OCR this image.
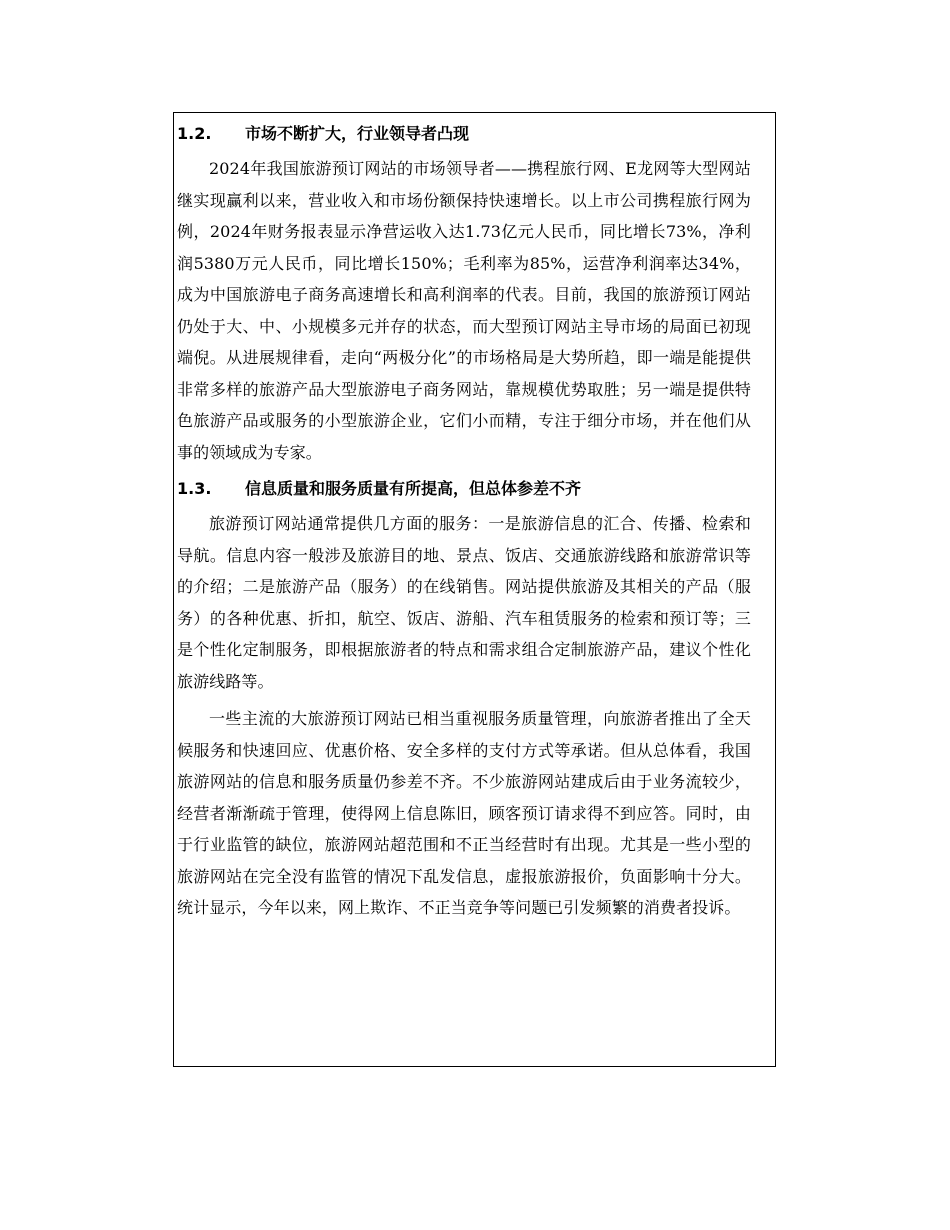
1.2.	市场不断扩大，行业领导者凸现

2024年我国旅游预订网站的市场领导者——携程旅行网、E龙网等大型网站继实现赢利以来，营业收入和市场份额保持快速增长。以上市公司携程旅行网为例，2024年财务报表显示净营运收入达1.73亿元人民币，同比增长73%，净利润5380万元人民币，同比增长150%；毛利率为85%，运营净利润率达34%，成为中国旅游电子商务高速增长和高利润率的代表。目前，我国的旅游预订网站仍处于大、中、小规模多元并存的状态，而大型预订网站主导市场的局面已初现端倪。从进展规律看，走向“两极分化”的市场格局是大势所趋，即一端是能提供非常多样的旅游产品大型旅游电子商务网站，靠规模优势取胜；另一端是提供特色旅游产品或服务的小型旅游企业，它们小而精，专注于细分市场，并在他们从事的领域成为专家。

1.3.	信息质量和服务质量有所提高，但总体参差不齐

旅游预订网站通常提供几方面的服务：一是旅游信息的汇合、传播、检索和导航。信息内容一般涉及旅游目的地、景点、饭店、交通旅游线路和旅游常识等的介绍；二是旅游产品（服务）的在线销售。网站提供旅游及其相关的产品（服务）的各种优惠、折扣，航空、饭店、游船、汽车租赁服务的检索和预订等；三是个性化定制服务，即根据旅游者的特点和需求组合定制旅游产品，建议个性化旅游线路等。

一些主流的大旅游预订网站已相当重视服务质量管理，向旅游者推出了全天候服务和快速回应、优惠价格、安全多样的支付方式等承诺。但从总体看，我国旅游网站的信息和服务质量仍参差不齐。不少旅游网站建成后由于业务流较少，经营者渐渐疏于管理，使得网上信息陈旧，顾客预订请求得不到应答。同时，由于行业监管的缺位，旅游网站超范围和不正当经营时有出现。尤其是一些小型的旅游网站在完全没有监管的情况下乱发信息，虚报旅游报价，负面影响十分大。统计显示，今年以来，网上欺诈、不正当竞争等问题已引发频繁的消费者投诉。
